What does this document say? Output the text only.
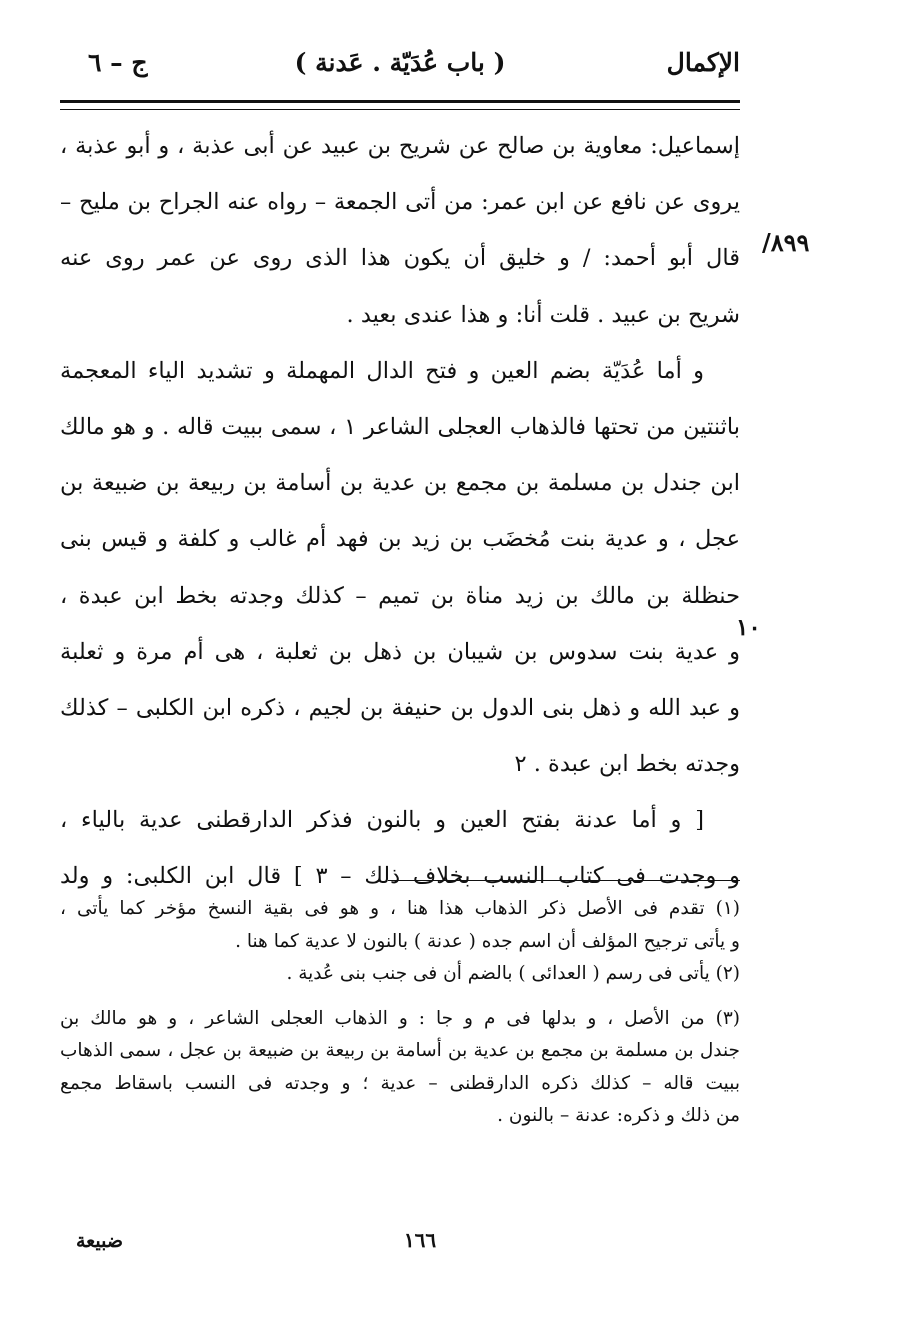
الإكمال
( باب عُدَيّة . عَدنة )
ج – ٦
٨٩٩/
١٠
إسماعيل: معاوية بن صالح عن شريح بن عبيد عن أبى عذبة ، و أبو عذبة ،
يروى عن نافع عن ابن عمر: من أتى الجمعة – رواه عنه الجراح بن مليح –
قال أبو أحمد: / و خليق أن يكون هذا الذى روى عن عمر روى عنه
شريح بن عبيد . قلت أنا: و هذا عندى بعيد .
و أما عُدَيّة بضم العين و فتح الدال المهملة و تشديد الياء المعجمة
باثنتين من تحتها فالذهاب العجلى الشاعر ١ ، سمى ببيت قاله . و هو مالك
ابن جندل بن مسلمة بن مجمع بن عدية بن أسامة بن ربيعة بن ضبيعة بن
عجل ، و عدية بنت مُخضَب بن زيد بن فهد أم غالب و كلفة و قيس بنى
حنظلة بن مالك بن زيد مناة بن تميم – كذلك وجدته بخط ابن عبدة ،
و عدية بنت سدوس بن شيبان بن ذهل بن ثعلبة ، هى أم مرة و ثعلبة
و عبد الله و ذهل بنى الدول بن حنيفة بن لجيم ، ذكره ابن الكلبى – كذلك
وجدته بخط ابن عبدة . ٢
[ و أما عدنة بفتح العين و بالنون فذكر الدارقطنى عدية بالياء ،
و وجدت فى كتاب النسب بخلاف ذلك – ٣ ] قال ابن الكلبى: و ولد
(١) تقدم فى الأصل ذكر الذهاب هذا هنا ، و هو فى بقية النسخ مؤخر كما يأتى ،
و يأتى ترجيح المؤلف أن اسم جده ( عدنة ) بالنون لا عدية كما هنا .
(٢) يأتى فى رسم ( العدائى ) بالضم أن فى جنب بنى عُدية .
(٣) من الأصل ، و بدلها فى م و جا : و الذهاب العجلى الشاعر ، و هو مالك بن
جندل بن مسلمة بن مجمع بن عدية بن أسامة بن ربيعة بن ضبيعة بن عجل ، سمى الذهاب
ببيت قاله – كذلك ذكره الدارقطنى – عدية ؛ و وجدته فى النسب باسقاط مجمع
من ذلك و ذكره: عدنة – بالنون .
١٦٦
ضبيعة
